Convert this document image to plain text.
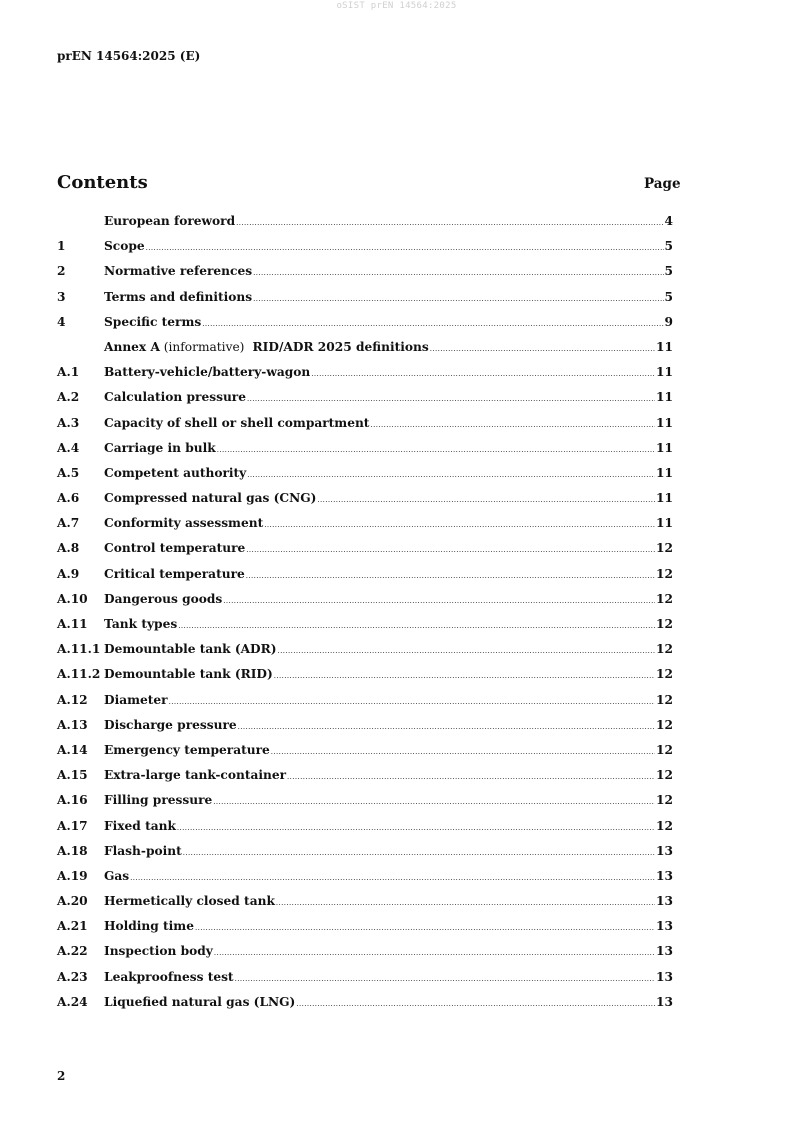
oSIST prEN 14564:2025
prEN 14564:2025 (E)
Contents	Page
European foreword .....	4
1	Scope .....	5
2	Normative references .....	5
3	Terms and definitions .....	5
4	Specific terms .....	9
Annex A (informative)  RID/ADR 2025 definitions .....	11
A.1	Battery-vehicle/battery-wagon .....	11
A.2	Calculation pressure .....	11
A.3	Capacity of shell or shell compartment .....	11
A.4	Carriage in bulk .....	11
A.5	Competent authority .....	11
A.6	Compressed natural gas (CNG) .....	11
A.7	Conformity assessment .....	11
A.8	Control temperature .....	12
A.9	Critical temperature .....	12
A.10	Dangerous goods .....	12
A.11	Tank types .....	12
A.11.1 Demountable tank (ADR) .....	12
A.11.2 Demountable tank (RID) .....	12
A.12	Diameter .....	12
A.13	Discharge pressure .....	12
A.14	Emergency temperature .....	12
A.15	Extra-large tank-container .....	12
A.16	Filling pressure .....	12
A.17	Fixed tank .....	12
A.18	Flash-point .....	13
A.19	Gas .....	13
A.20	Hermetically closed tank .....	13
A.21	Holding time .....	13
A.22	Inspection body .....	13
A.23	Leakproofness test .....	13
A.24	Liquefied natural gas (LNG) .....	13
2
